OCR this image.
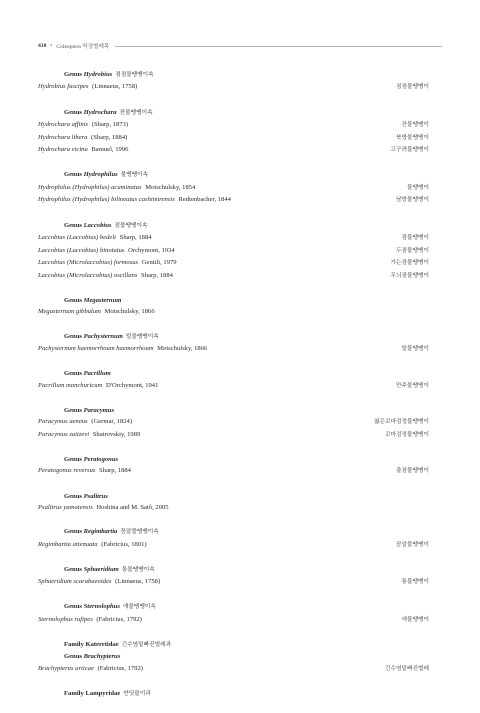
438 • Coleoptera 딱정벌레목
Genus Hydrobius 점점물땡땡이속
Hydrobius fuscipes (Linnaeus, 1758)	점점물땡땡이
Genus Hydrochara 잔물땡땡이속
Hydrochara affinis (Sharp, 1873)	잔물땡땡이
Hydrochara libera (Sharp, 1884)	북방물땡땡이
Hydrochara vicina Bamuel, 1996	고구려물땡땡이
Genus Hydrophilus 물땡땡이속
Hydrophilus (Hydrophilus) acuminatus Motschulsky, 1854	물땡땡이
Hydrophilus (Hydrophilus) bilineatus cashimirensis Redtenbacher, 1844	남방물땡땡이
Genus Laccobius 점물땡땡이속
Laccobius (Laccobius) bedeli Sharp, 1884	점물땡땡이
Laccobius (Laccobius) binotatus Orchymont, 1934	두점물땡땡이
Laccobius (Microlaccobius) formosus Gentili, 1979	가는점물땡땡이
Laccobius (Microlaccobius) oscillans Sharp, 1884	무늬점물땡땡이
Genus Megasternum
Megasternum gibbulum Motschulsky, 1866
Genus Pachysternum 털물땡땡이속
Pachysternum haemorrhoum haemorrhoum Motschulsky, 1866	털물땡땡이
Genus Pacrillum
Pacrillum manchuricum D'Orchymont, 1941	만주물땡땡이
Genus Paracymus
Paracymus aeneus (Germar, 1824)	엷은꼬마검정물땡땡이
Paracymus zaitzevi Shatrovskiy, 1989	꼬마검정물땡땡이
Genus Peratogonus
Peratogonus reversus Sharp, 1884	출점물땡땡이
Genus Psalitrus
Psalitrus yamatensis Hoshina and M. Satô, 2005
Genus Regimbartia 꼼알물땡땡이속
Regimbartia attenuata (Fabricius, 1801)	꼼알물땡땡이
Genus Sphaeridium 통물땡땡이속
Sphaeridium scarabaeoides (Linnaeus, 1758)	통물땡땡이
Genus Sternolophus 애물땡땡이속
Sternolophus rufipes (Fabricius, 1792)	애물땡땡이
Family Kateretidae 긴수염밑빠진벌레과
Genus Brachypterus
Brachypterus urticae (Fabricius, 1792)	긴수염밑빠진벌레
Family Lampyridae 반딧불이과
